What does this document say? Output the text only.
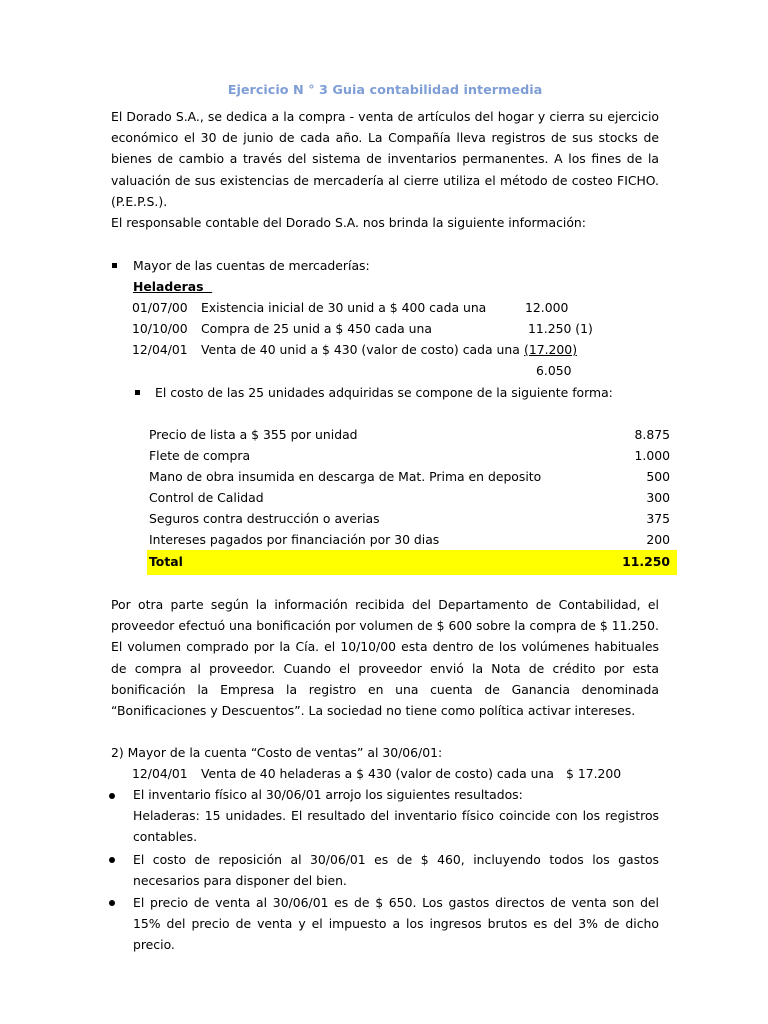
Ejercicio N ° 3 Guia contabilidad intermedia
El Dorado S.A., se dedica a la compra - venta de artículos del hogar y cierra su ejercicio económico el 30 de junio de cada año. La Compañía lleva registros de sus stocks de bienes de cambio a través del sistema de inventarios permanentes. A los fines de la valuación de sus existencias de mercadería al cierre utiliza el método de costeo FICHO. (P.E.P.S.).
El responsable contable del Dorado S.A. nos brinda la siguiente información:
Mayor de las cuentas de mercaderías:
Heladeras
01/07/00 Existencia inicial de 30 unid a $ 400 cada una	12.000
10/10/00 Compra de 25 unid a $ 450 cada una	11.250 (1)
12/04/01 Venta de 40 unid a $ 430 (valor de costo) cada una (17.200)
6.050
El costo de las 25 unidades adquiridas se compone de la siguiente forma:
Precio de lista a $ 355 por unidad	8.875
Flete de compra	1.000
Mano de obra insumida en descarga de Mat. Prima en deposito	500
Control de Calidad	300
Seguros contra destrucción o averias	375
Intereses pagados por financiación por 30 dias	200
Total	11.250
Por otra parte según la información recibida del Departamento de Contabilidad, el proveedor efectuó una bonificación por volumen de $ 600 sobre la compra de $ 11.250. El volumen comprado por la Cía. el 10/10/00 esta dentro de los volúmenes habituales de compra al proveedor. Cuando el proveedor envió la Nota de crédito por esta bonificación la Empresa la registro en una cuenta de Ganancia denominada “Bonificaciones y Descuentos”. La sociedad no tiene como política activar intereses.
2) Mayor de la cuenta “Costo de ventas” al 30/06/01:
12/04/01 Venta de 40 heladeras a $ 430 (valor de costo) cada una $ 17.200
El inventario físico al 30/06/01 arrojo los siguientes resultados:
Heladeras: 15 unidades. El resultado del inventario físico coincide con los registros contables.
El costo de reposición al 30/06/01 es de $ 460, incluyendo todos los gastos necesarios para disponer del bien.
El precio de venta al 30/06/01 es de $ 650. Los gastos directos de venta son del 15% del precio de venta y el impuesto a los ingresos brutos es del 3% de dicho precio.
